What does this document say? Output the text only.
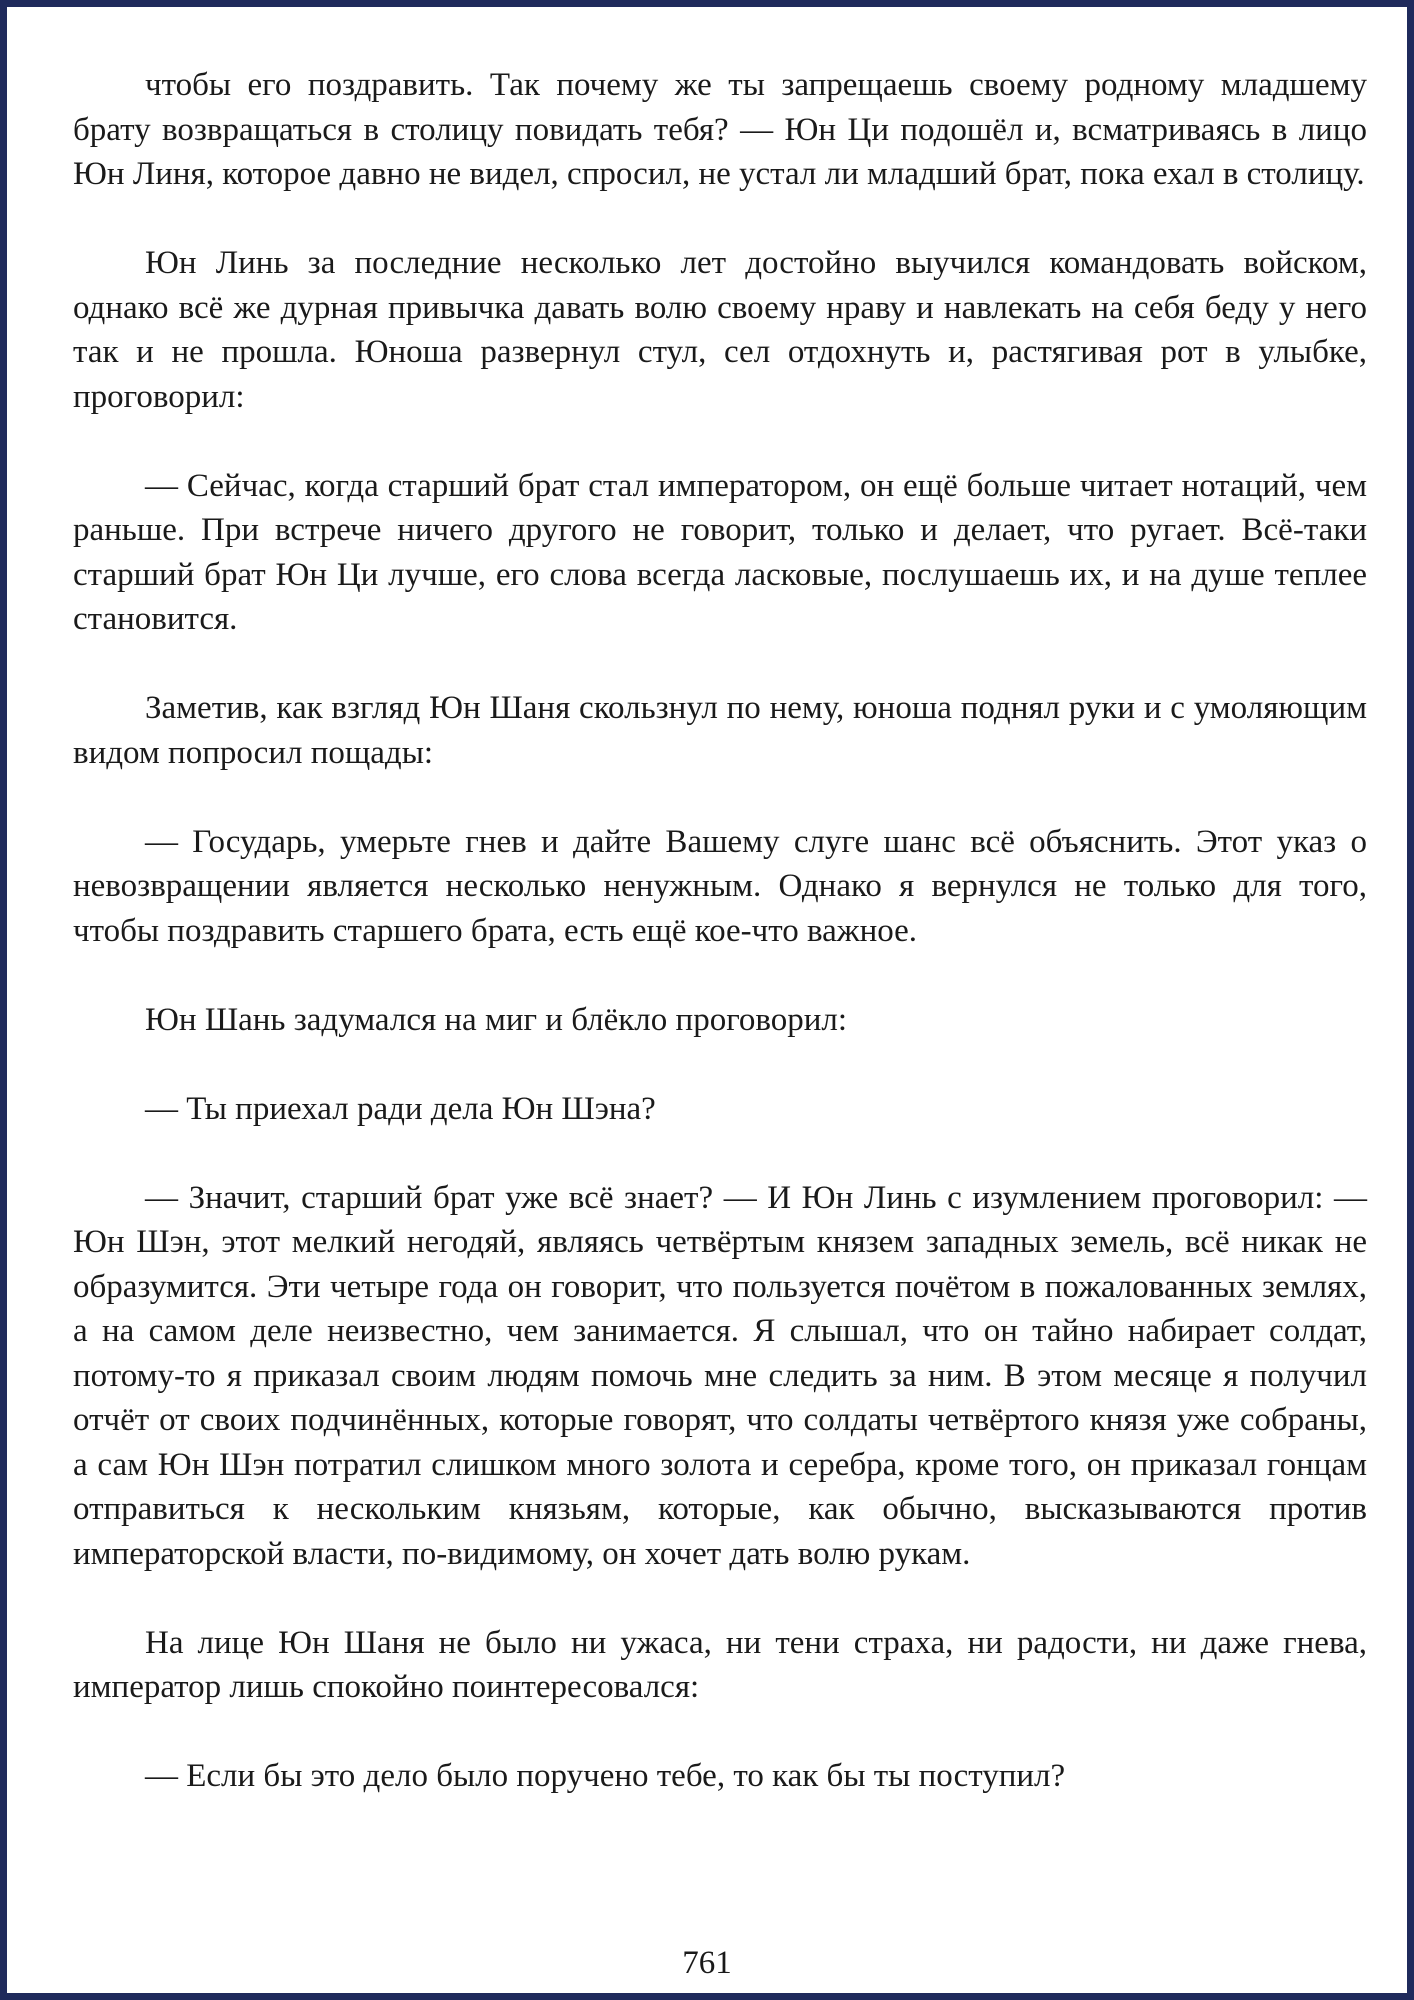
чтобы его поздравить. Так почему же ты запрещаешь своему родному младшему брату возвращаться в столицу повидать тебя? — Юн Ци подошёл и, всматриваясь в лицо Юн Линя, которое давно не видел, спросил, не устал ли младший брат, пока ехал в столицу.

Юн Линь за последние несколько лет достойно выучился командовать войском, однако всё же дурная привычка давать волю своему нраву и навлекать на себя беду у него так и не прошла. Юноша развернул стул, сел отдохнуть и, растягивая рот в улыбке, проговорил:

— Сейчас, когда старший брат стал императором, он ещё больше читает нотаций, чем раньше. При встрече ничего другого не говорит, только и делает, что ругает. Всё-таки старший брат Юн Ци лучше, его слова всегда ласковые, послушаешь их, и на душе теплее становится.

Заметив, как взгляд Юн Шаня скользнул по нему, юноша поднял руки и с умоляющим видом попросил пощады:

— Государь, умерьте гнев и дайте Вашему слуге шанс всё объяснить. Этот указ о невозвращении является несколько ненужным. Однако я вернулся не только для того, чтобы поздравить старшего брата, есть ещё кое-что важное.

Юн Шань задумался на миг и блёкло проговорил:

— Ты приехал ради дела Юн Шэна?

— Значит, старший брат уже всё знает? — И Юн Линь с изумлением проговорил: — Юн Шэн, этот мелкий негодяй, являясь четвёртым князем западных земель, всё никак не образумится. Эти четыре года он говорит, что пользуется почётом в пожалованных землях, а на самом деле неизвестно, чем занимается. Я слышал, что он тайно набирает солдат, потому-то я приказал своим людям помочь мне следить за ним. В этом месяце я получил отчёт от своих подчинённых, которые говорят, что солдаты четвёртого князя уже собраны, а сам Юн Шэн потратил слишком много золота и серебра, кроме того, он приказал гонцам отправиться к нескольким князьям, которые, как обычно, высказываются против императорской власти, по-видимому, он хочет дать волю рукам.

На лице Юн Шаня не было ни ужаса, ни тени страха, ни радости, ни даже гнева, император лишь спокойно поинтересовался:

— Если бы это дело было поручено тебе, то как бы ты поступил?

761
